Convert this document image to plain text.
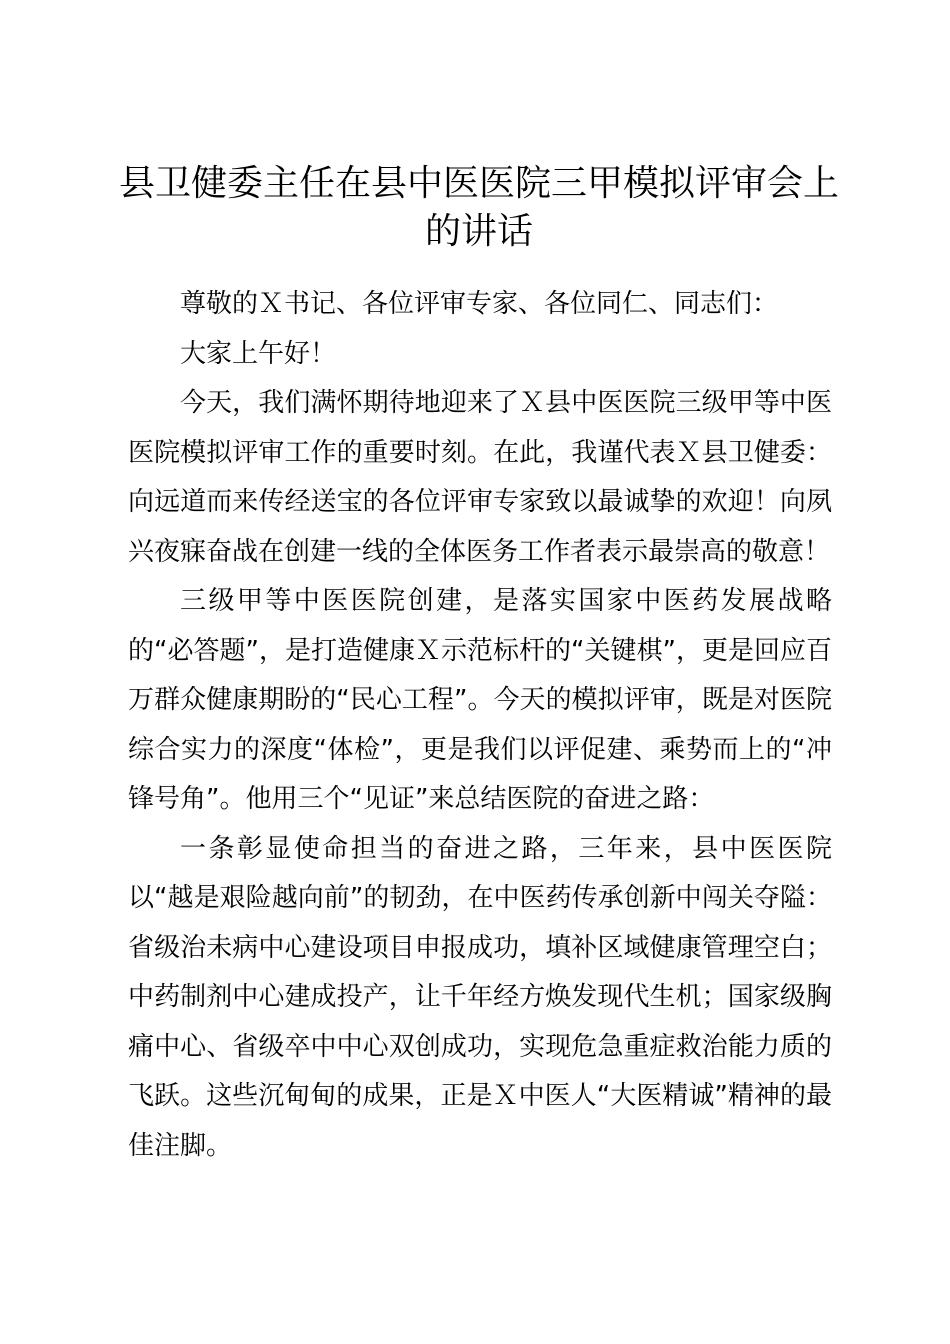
县卫健委主任在县中医医院三甲模拟评审会上的讲话

尊敬的Ｘ书记、各位评审专家、各位同仁、同志们：

大家上午好！

今天，我们满怀期待地迎来了Ｘ县中医医院三级甲等中医医院模拟评审工作的重要时刻。在此，我谨代表Ｘ县卫健委：向远道而来传经送宝的各位评审专家致以最诚挚的欢迎！向夙兴夜寐奋战在创建一线的全体医务工作者表示最崇高的敬意！

三级甲等中医医院创建，是落实国家中医药发展战略的“必答题”，是打造健康Ｘ示范标杆的“关键棋”，更是回应百万群众健康期盼的“民心工程”。今天的模拟评审，既是对医院综合实力的深度“体检”，更是我们以评促建、乘势而上的“冲锋号角”。他用三个“见证”来总结医院的奋进之路：

一条彰显使命担当的奋进之路，三年来，县中医医院以“越是艰险越向前”的韧劲，在中医药传承创新中闯关夺隘：省级治未病中心建设项目申报成功，填补区域健康管理空白；中药制剂中心建成投产，让千年经方焕发现代生机；国家级胸痛中心、省级卒中中心双创成功，实现危急重症救治能力质的飞跃。这些沉甸甸的成果，正是Ｘ中医人“大医精诚”精神的最佳注脚。
